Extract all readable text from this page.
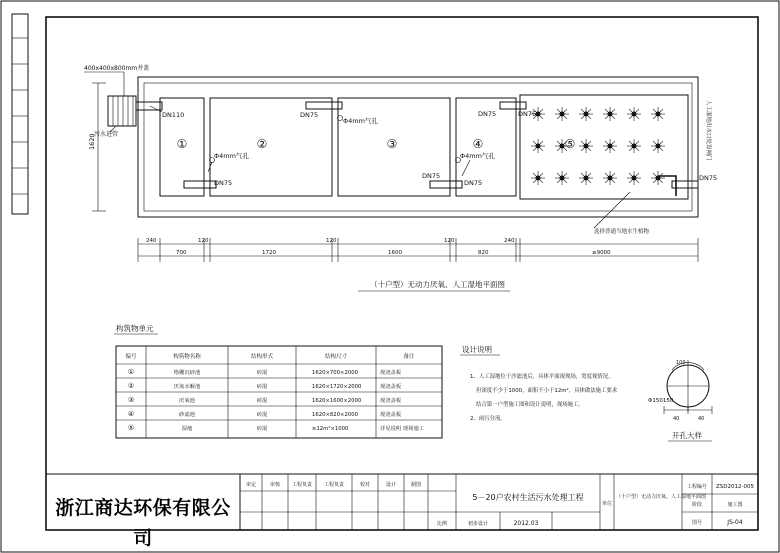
①	②	③	④	⑤
DN110
DN75
DN75
DN75
DN75
DN75
DN75
DN75
Φ4mm气孔
Φ4mm气孔
Φ4mm气孔
400x400x800mm井盖
污水进管
1620
选择普通当地水生植物
人工湿地出水口处设闸门
240
700
120
1720
120
1600
120
820
240
≥9000
（十户型）无动力厌氧、人工湿地平面图
构筑物单元
编号	构筑物名称	结构形式	结构尺寸	备注
①	格栅沉砂池	砖混	1620×700×2000	现浇盖板
②	厌氧水解池	砖混	1620×1720×2000	现浇盖板
③	厌氧池	砖混	1620×1600×2000	现浇盖板
④	砂滤池	砖混	1620×820×2000	现浇盖板
⑤	湿地	砖混	≥12m²×1000	详见说明 现场施工
设计说明
1、人工湿地位于沙滤池后，具体平面视现场，宽度视情况，
但深度不少于1000，面积不小于12m²，具体做法施工要求
结合第一户型施工图和设计说明，现场施工。
2、雨污分流。
100
40	40
Φ150150
开孔大样
审定	审核 工程负责 工程负责	校对	设计	制图
5－20户农村生活污水处理工程
初步设计	2012.03
比例
单位
（十户型）无动力厌氧、人工湿地平面图
工程编号 ZSD2012-005
阶段	施工图
图号	JS-04
浙江商达环保有限公司
